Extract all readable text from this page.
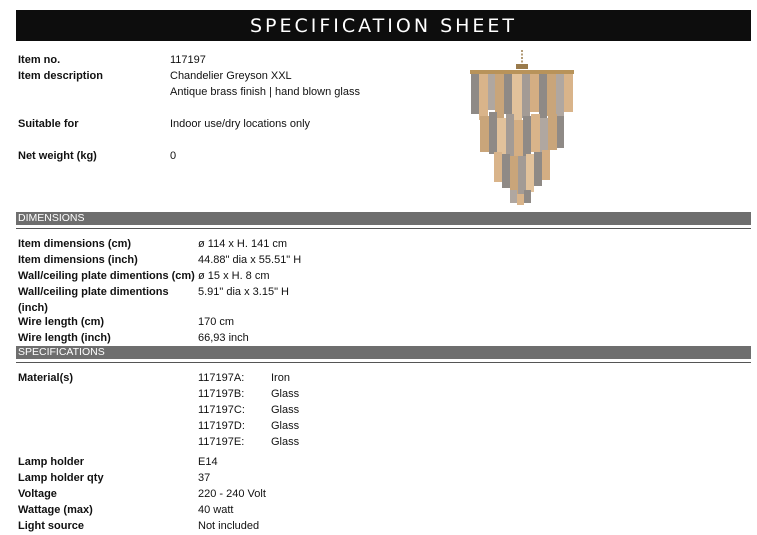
SPECIFICATION SHEET
Item no.	117197
Item description	Chandelier Greyson XXL
Antique brass finish | hand blown glass
Suitable for	Indoor use/dry locations only
Net weight (kg)	0
DIMENSIONS
Item dimensions (cm)	ø 114 x H. 141 cm
Item dimensions (inch)	44.88" dia x 55.51" H
Wall/ceiling plate dimentions (cm) ø 15 x H. 8 cm
Wall/ceiling plate dimentions
(inch)
5.91" dia x 3.15" H
Wire length (cm)	170 cm
Wire length (inch)	66,93 inch
SPECIFICATIONS
Material(s)	117197A: Iron
117197B: Glass
117197C: Glass
117197D: Glass
117197E: Glass
Lamp holder	E14
Lamp holder qty	37
Voltage	220 - 240 Volt
Wattage (max)	40 watt
Light source	Not included
